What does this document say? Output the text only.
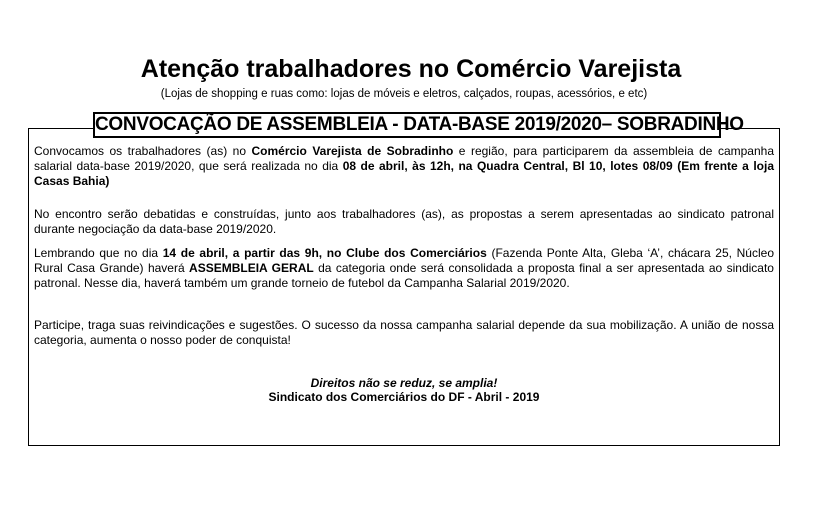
Atenção trabalhadores no Comércio Varejista
(Lojas de shopping e ruas como: lojas de móveis e eletros, calçados, roupas, acessórios, e etc)
CONVOCAÇÃO DE ASSEMBLEIA - DATA-BASE 2019/2020– SOBRADINHO
Convocamos os trabalhadores (as) no Comércio Varejista de Sobradinho e região, para participarem da assembleia de campanha salarial data-base 2019/2020, que será realizada no dia 08 de abril, às 12h, na Quadra Central, Bl 10, lotes 08/09 (Em frente a loja Casas Bahia)
No encontro serão debatidas e construídas, junto aos trabalhadores (as), as propostas a serem apresentadas ao sindicato patronal durante negociação da data-base 2019/2020.
Lembrando que no dia 14 de abril, a partir das 9h, no Clube dos Comerciários (Fazenda Ponte Alta, Gleba ‘A’, chácara 25, Núcleo Rural Casa Grande) haverá ASSEMBLEIA GERAL da categoria onde será consolidada a proposta final a ser apresentada ao sindicato patronal. Nesse dia, haverá também um grande torneio de futebol da Campanha Salarial 2019/2020.
Participe, traga suas reivindicações e sugestões. O sucesso da nossa campanha salarial depende da sua mobilização. A união de nossa categoria, aumenta o nosso poder de conquista!
Direitos não se reduz, se amplia!
Sindicato dos Comerciários do DF - Abril - 2019
